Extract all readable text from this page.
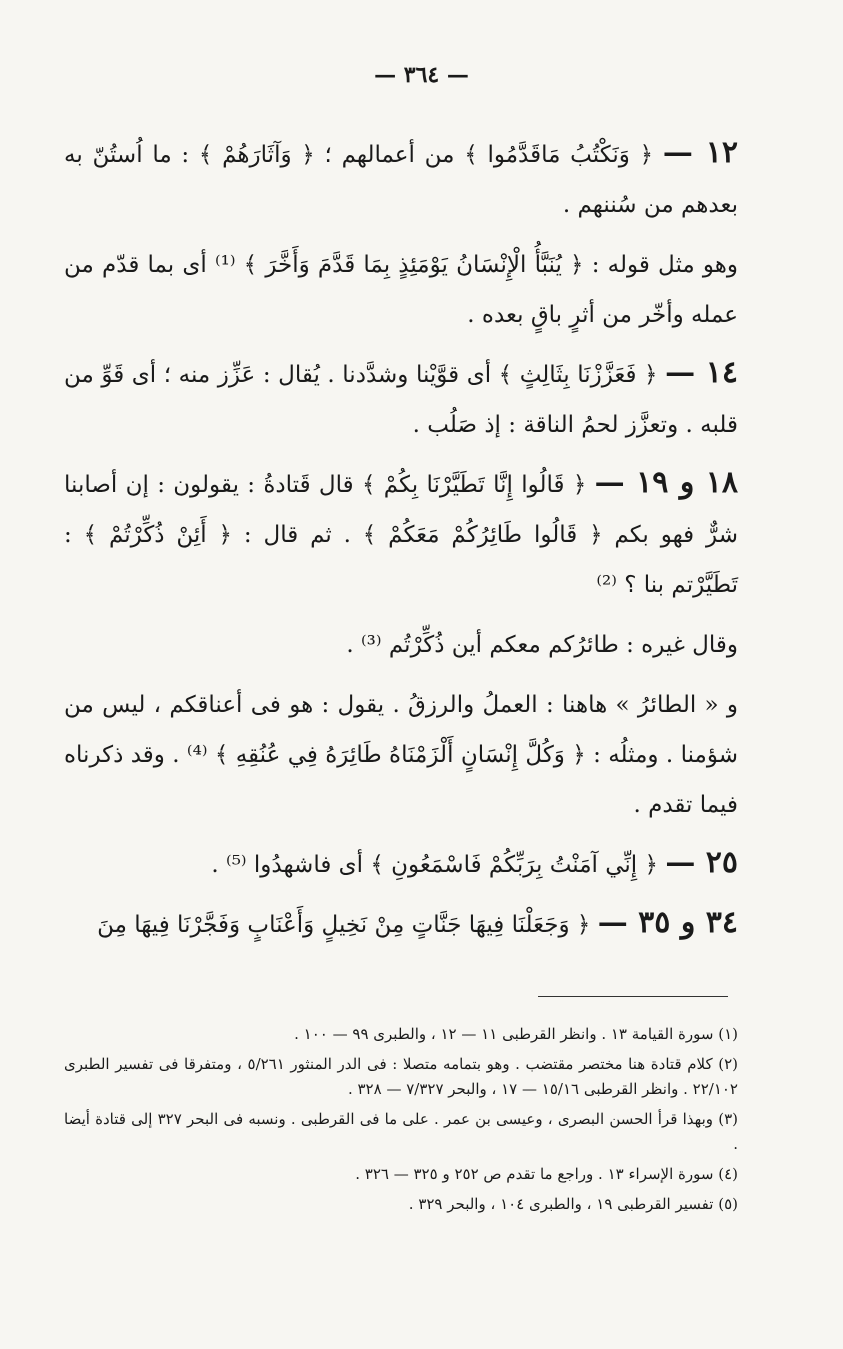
— ٣٦٤ —

١٢ — ﴿ وَنَكْتُبُ مَاقَدَّمُوا ﴾ من أعمالهم ؛ ﴿ وَآثَارَهُمْ ﴾ : ما اُستُنّ به بعدهم من سُننهم .

وهو مثل قوله : ﴿ يُنَبَّأُ الْإِنْسَانُ يَوْمَئِذٍ بِمَا قَدَّمَ وَأَخَّرَ ﴾ ⁽¹⁾ أى بما قدّم من عمله وأخّر من أثرٍ باقٍ بعده .

١٤ — ﴿ فَعَزَّزْنَا بِثَالِثٍ ﴾ أى قوَّيْنا وشدَّدنا . يُقال : عَزِّز منه ؛ أى قَوِّ من قلبه . وتعزَّز لحمُ الناقة : إذ صَلُب .

١٨ و ١٩ — ﴿ قَالُوا إِنَّا تَطَيَّرْنَا بِكُمْ ﴾ قال قَتادةُ : يقولون : إن أصابنا شرٌّ فهو بكم ﴿ قَالُوا طَائِرُكُمْ مَعَكُمْ ﴾ . ثم قال : ﴿ أَئِنْ ذُكِّرْتُمْ ﴾ : تَطَيَّرْتم بنا ؟ ⁽²⁾

وقال غيره : طائرُكم معكم أين ذُكِّرْتُم ⁽³⁾ .

و « الطائرُ » هاهنا : العملُ والرزقُ . يقول : هو فى أعناقكم ، ليس من شؤمنا . ومثلُه : ﴿ وَكُلَّ إِنْسَانٍ أَلْزَمْنَاهُ طَائِرَهُ فِي عُنُقِهِ ﴾ ⁽⁴⁾ . وقد ذكرناه فيما تقدم .

٢٥ — ﴿ إِنِّي آمَنْتُ بِرَبِّكُمْ فَاسْمَعُونِ ﴾ أى فاشهدُوا ⁽⁵⁾ .

٣٤ و ٣٥ — ﴿ وَجَعَلْنَا فِيهَا جَنَّاتٍ مِنْ نَخِيلٍ وَأَعْنَابٍ وَفَجَّرْنَا فِيهَا مِنَ

(١) سورة القيامة ١٣ . وانظر القرطبى ١١ — ١٢ ، والطبرى ٩٩ — ١٠٠ .

(٢) كلام قتادة هنا مختصر مقتضب . وهو بتمامه متصلا : فى الدر المنثور ٥/٢٦١ ، ومتفرقا فى تفسير الطبرى ٢٢/١٠٢ . وانظر القرطبى ١٥/١٦ — ١٧ ، والبحر ٧/٣٢٧ — ٣٢٨ .

(٣) وبهذا قرأ الحسن البصرى ، وعيسى بن عمر . على ما فى القرطبى . ونسبه فى البحر ٣٢٧ إلى قتادة أيضا .

(٤) سورة الإسراء ١٣ . وراجع ما تقدم ص ٢٥٢ و ٣٢٥ — ٣٢٦ .

(٥) تفسير القرطبى ١٩ ، والطبرى ١٠٤ ، والبحر ٣٢٩ .
